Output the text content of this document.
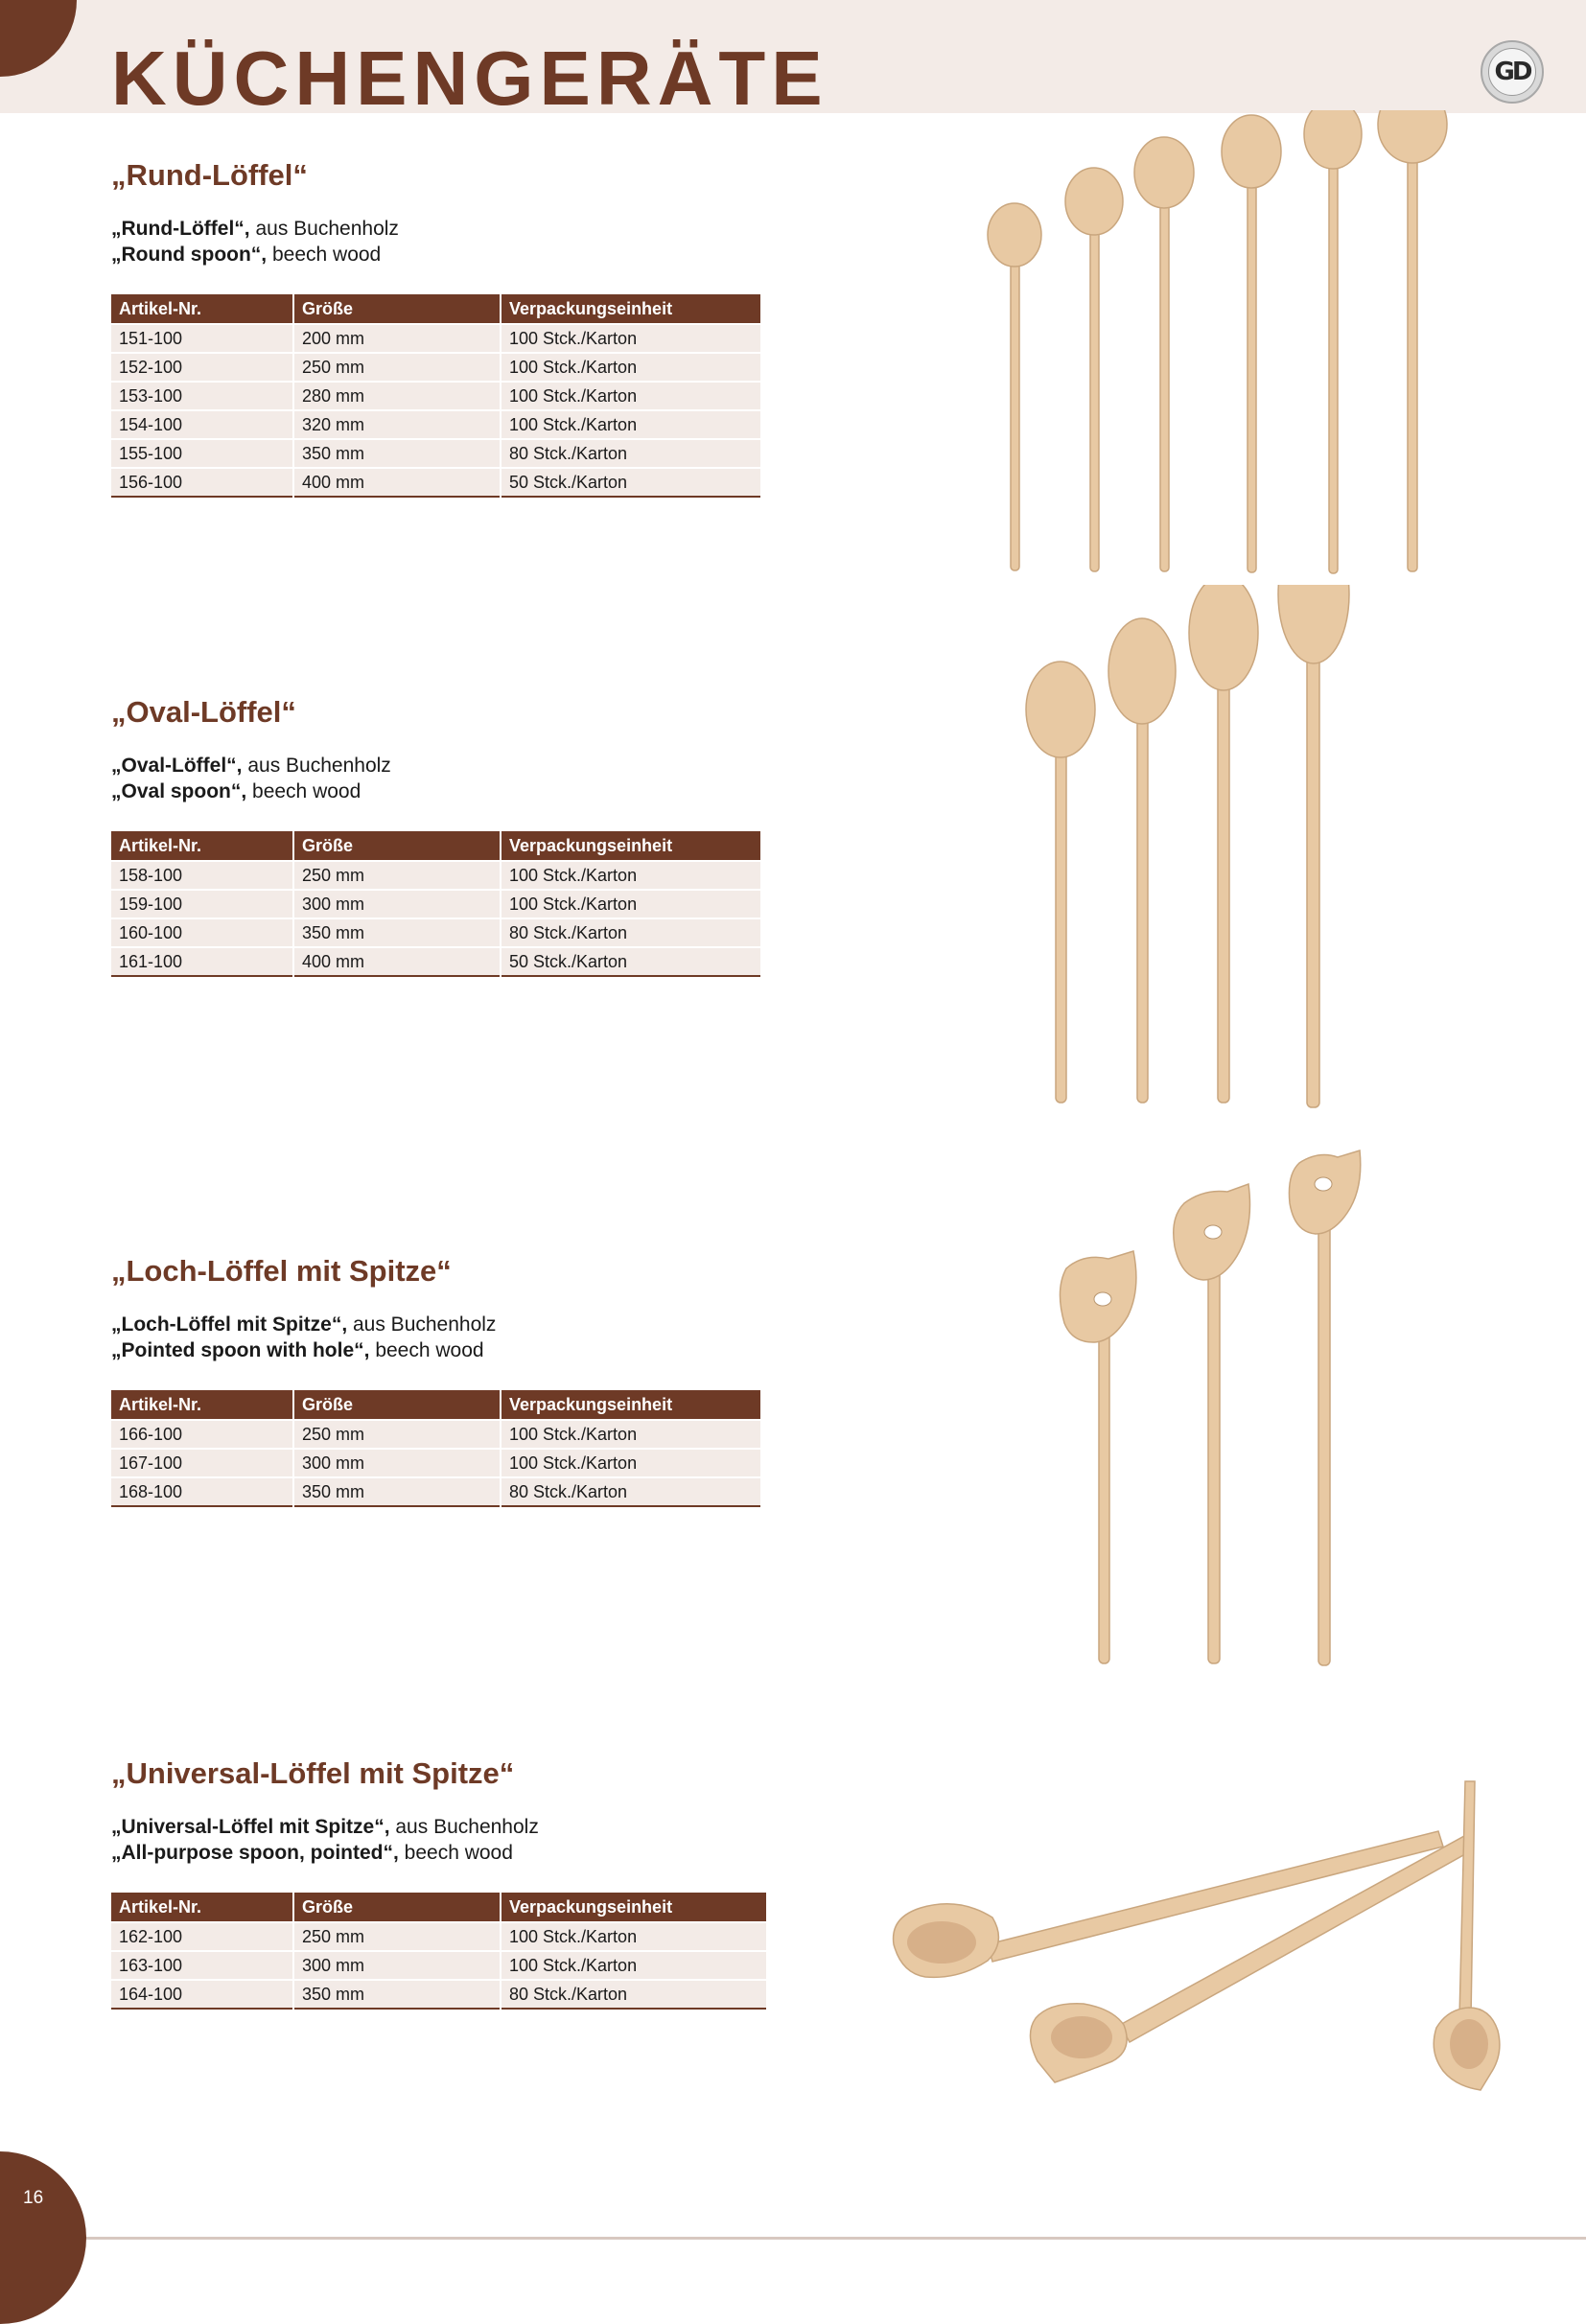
KÜCHENGERÄTE	GD
„Rund-Löffel“
„Rund-Löffel“, aus Buchenholz
„Round spoon“, beech wood
Artikel-Nr.	Größe	Verpackungseinheit
151-100	200 mm	100 Stck./Karton
152-100	250 mm	100 Stck./Karton
153-100	280 mm	100 Stck./Karton
154-100	320 mm	100 Stck./Karton
155-100	350 mm	80 Stck./Karton
156-100	400 mm	50 Stck./Karton
„Oval-Löffel“
„Oval-Löffel“, aus Buchenholz
„Oval spoon“, beech wood
Artikel-Nr.	Größe	Verpackungseinheit
158-100	250 mm	100 Stck./Karton
159-100	300 mm	100 Stck./Karton
160-100	350 mm	80 Stck./Karton
161-100	400 mm	50 Stck./Karton
„Loch-Löffel mit Spitze“
„Loch-Löffel mit Spitze“, aus Buchenholz
„Pointed spoon with hole“, beech wood
Artikel-Nr.	Größe	Verpackungseinheit
166-100	250 mm	100 Stck./Karton
167-100	300 mm	100 Stck./Karton
168-100	350 mm	80 Stck./Karton
„Universal-Löffel mit Spitze“
„Universal-Löffel mit Spitze“, aus Buchenholz
„All-purpose spoon, pointed“, beech wood
Artikel-Nr.	Größe	Verpackungseinheit
162-100	250 mm	100 Stck./Karton
163-100	300 mm	100 Stck./Karton
164-100	350 mm	80 Stck./Karton
16
